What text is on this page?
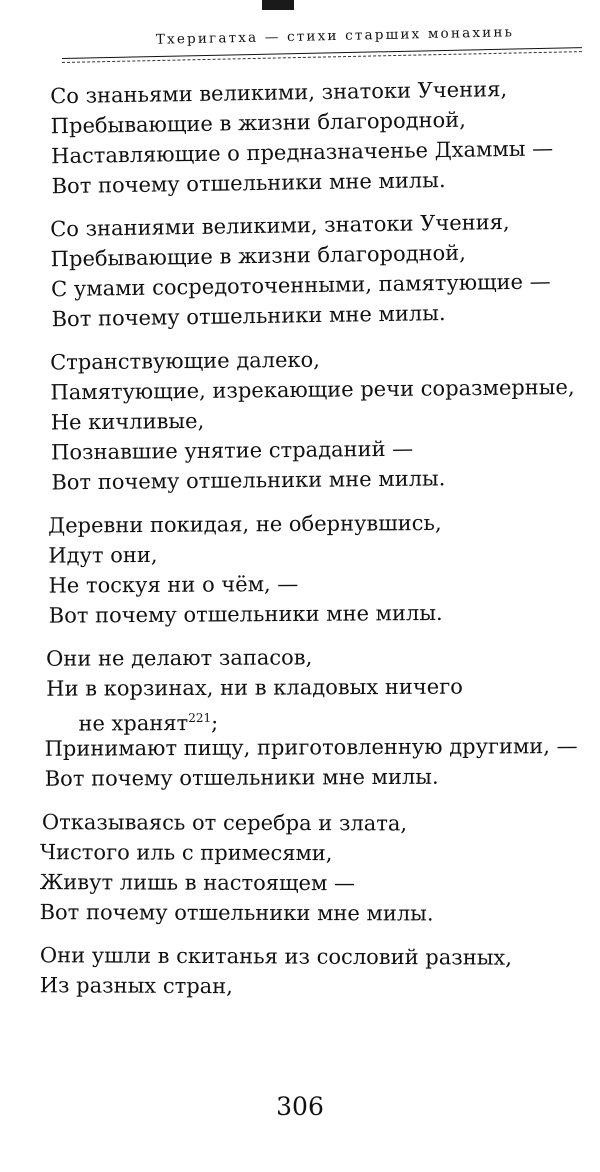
Тхеригатха — стихи старших монахинь
Со знаньями великими, знатоки Учения,
Пребывающие в жизни благородной,
Наставляющие о предназначенье Дхаммы —
Вот почему отшельники мне милы.
Со знаниями великими, знатоки Учения,
Пребывающие в жизни благородной,
С умами сосредоточенными, памятующие —
Вот почему отшельники мне милы.
Странствующие далеко,
Памятующие, изрекающие речи соразмерные,
Не кичливые,
Познавшие унятие страданий —
Вот почему отшельники мне милы.
Деревни покидая, не обернувшись,
Идут они,
Не тоскуя ни о чём, —
Вот почему отшельники мне милы.
Они не делают запасов,
Ни в корзинах, ни в кладовых ничего
не хранят$^{221}$;
Принимают пищу, приготовленную другими, —
Вот почему отшельники мне милы.
Отказываясь от серебра и злата,
Чистого иль с примесями,
Живут лишь в настоящем —
Вот почему отшельники мне милы.
Они ушли в скитанья из сословий разных,
Из разных стран,
306
